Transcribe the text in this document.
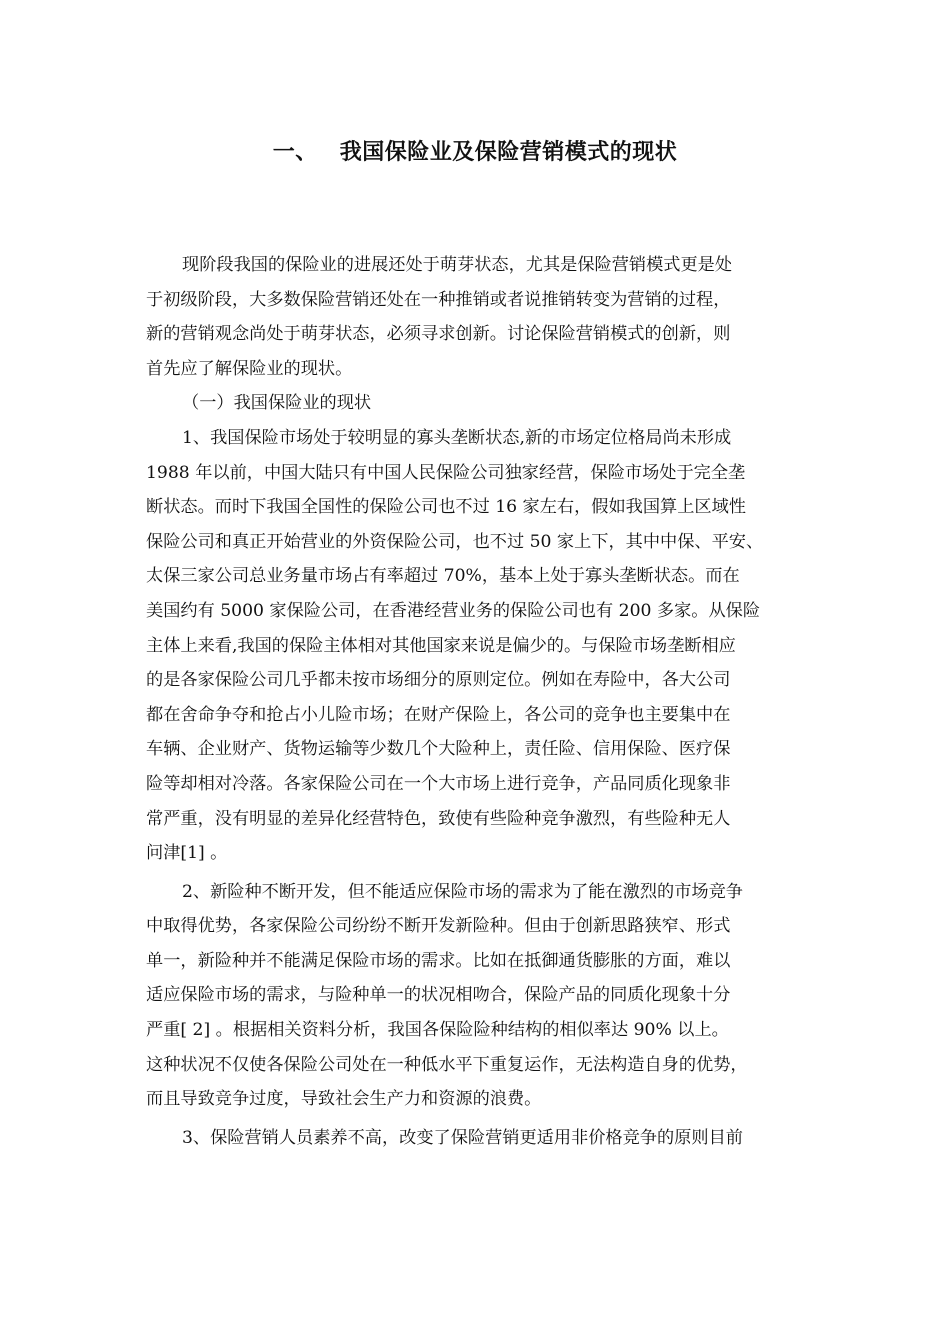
一、 我国保险业及保险营销模式的现状
现阶段我国的保险业的进展还处于萌芽状态，尤其是保险营销模式更是处
于初级阶段，大多数保险营销还处在一种推销或者说推销转变为营销的过程，
新的营销观念尚处于萌芽状态，必须寻求创新。讨论保险营销模式的创新，则
首先应了解保险业的现状。
（一）我国保险业的现状
1、我国保险市场处于较明显的寡头垄断状态,新的市场定位格局尚未形成
1988 年以前，中国大陆只有中国人民保险公司独家经营，保险市场处于完全垄
断状态。而时下我国全国性的保险公司也不过 16 家左右，假如我国算上区域性
保险公司和真正开始营业的外资保险公司，也不过 50 家上下，其中中保、平安、
太保三家公司总业务量市场占有率超过 70%，基本上处于寡头垄断状态。而在
美国约有 5000 家保险公司，在香港经营业务的保险公司也有 200 多家。从保险
主体上来看,我国的保险主体相对其他国家来说是偏少的。与保险市场垄断相应
的是各家保险公司几乎都未按市场细分的原则定位。例如在寿险中，各大公司
都在舍命争夺和抢占小儿险市场；在财产保险上，各公司的竞争也主要集中在
车辆、企业财产、货物运输等少数几个大险种上，责任险、信用保险、医疗保
险等却相对冷落。各家保险公司在一个大市场上进行竞争，产品同质化现象非
常严重，没有明显的差异化经营特色，致使有些险种竞争激烈，有些险种无人
问津[1] 。
2、新险种不断开发，但不能适应保险市场的需求为了能在激烈的市场竞争
中取得优势，各家保险公司纷纷不断开发新险种。但由于创新思路狭窄、形式
单一，新险种并不能满足保险市场的需求。比如在抵御通货膨胀的方面，难以
适应保险市场的需求，与险种单一的状况相吻合，保险产品的同质化现象十分
严重[ 2] 。根据相关资料分析，我国各保险险种结构的相似率达 90% 以上。
这种状况不仅使各保险公司处在一种低水平下重复运作，无法构造自身的优势，
而且导致竞争过度，导致社会生产力和资源的浪费。
3、保险营销人员素养不高，改变了保险营销更适用非价格竞争的原则目前
